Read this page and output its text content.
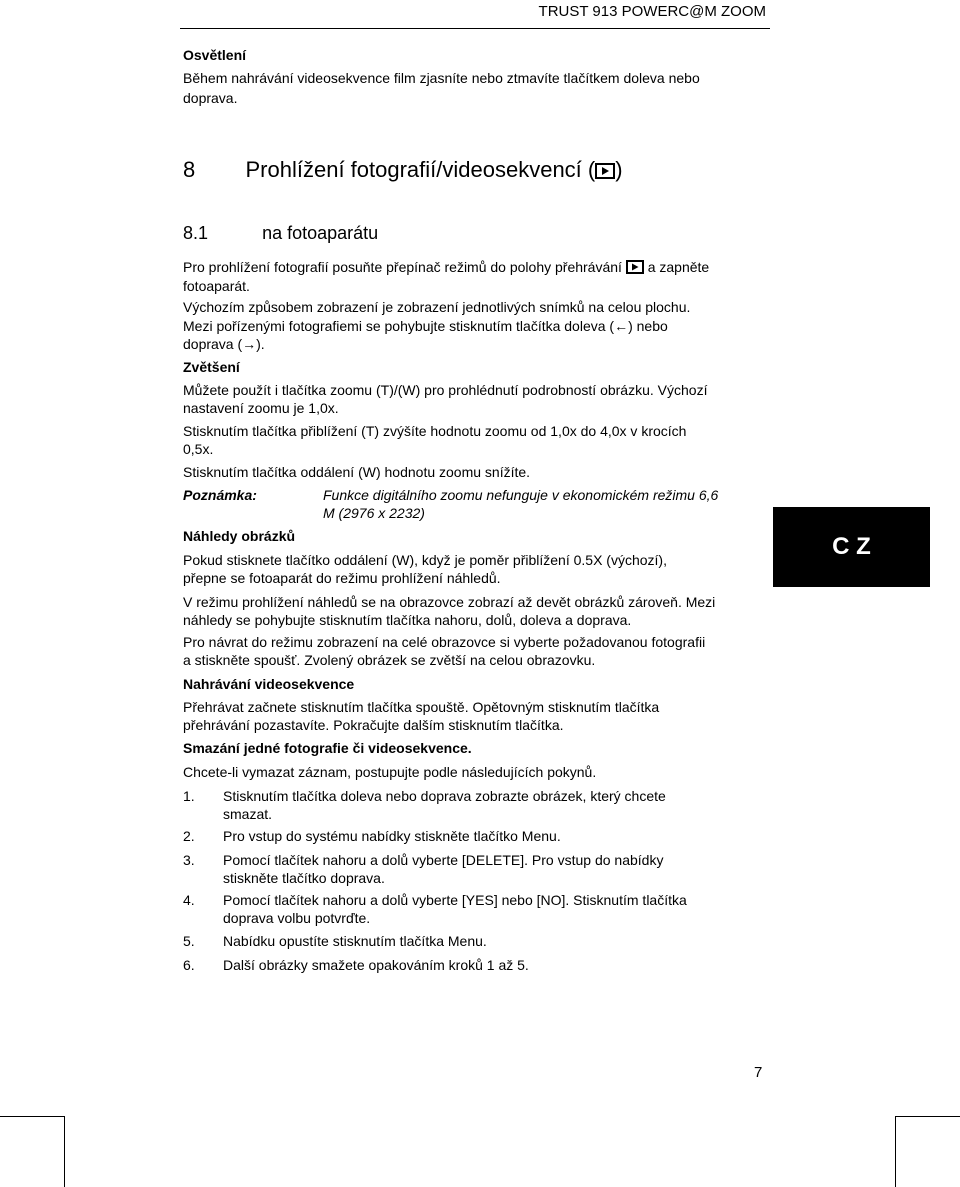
TRUST 913 POWERC@M ZOOM
Osvětlení
Během nahrávání videosekvence film zjasníte nebo ztmavíte tlačítkem doleva nebo
doprava.
8 Prohlížení fotografií/videosekvencí ( )
8.1	na fotoaparátu
Pro prohlížení fotografií posuňte přepínač režimů do polohy přehrávání  a zapněte
fotoaparát.
Výchozím způsobem zobrazení je zobrazení jednotlivých snímků na celou plochu.
Mezi pořízenými fotografiemi se pohybujte stisknutím tlačítka doleva (←) nebo
doprava (→).
Zvětšení
Můžete použít i tlačítka zoomu (T)/(W) pro prohlédnutí podrobností obrázku. Výchozí
nastavení zoomu je 1,0x.
Stisknutím tlačítka přiblížení (T) zvýšíte hodnotu zoomu od 1,0x do 4,0x v krocích
0,5x.
Stisknutím tlačítka oddálení (W) hodnotu zoomu snížíte.
Poznámka:	Funkce digitálního zoomu nefunguje v ekonomickém režimu 6,6
M (2976 x 2232)
Náhledy obrázků
Pokud stisknete tlačítko oddálení (W), když je poměr přiblížení 0.5X (výchozí),
přepne se fotoaparát do režimu prohlížení náhledů.
V režimu prohlížení náhledů se na obrazovce zobrazí až devět obrázků zároveň. Mezi
náhledy se pohybujte stisknutím tlačítka nahoru, dolů, doleva a doprava.
Pro návrat do režimu zobrazení na celé obrazovce si vyberte požadovanou fotografii
a stiskněte spoušť. Zvolený obrázek se zvětší na celou obrazovku.
Nahrávání videosekvence
Přehrávat začnete stisknutím tlačítka spouště. Opětovným stisknutím tlačítka
přehrávání pozastavíte. Pokračujte dalším stisknutím tlačítka.
Smazání jedné fotografie či videosekvence.
Chcete-li vymazat záznam, postupujte podle následujících pokynů.
1. Stisknutím tlačítka doleva nebo doprava zobrazte obrázek, který chcete
smazat.
2. Pro vstup do systému nabídky stiskněte tlačítko Menu.
3. Pomocí tlačítek nahoru a dolů vyberte [DELETE]. Pro vstup do nabídky
stiskněte tlačítko doprava.
4. Pomocí tlačítek nahoru a dolů vyberte [YES] nebo [NO]. Stisknutím tlačítka
doprava volbu potvrďte.
5. Nabídku opustíte stisknutím tlačítka Menu.
6. Další obrázky smažete opakováním kroků 1 až 5.
C Z
7
